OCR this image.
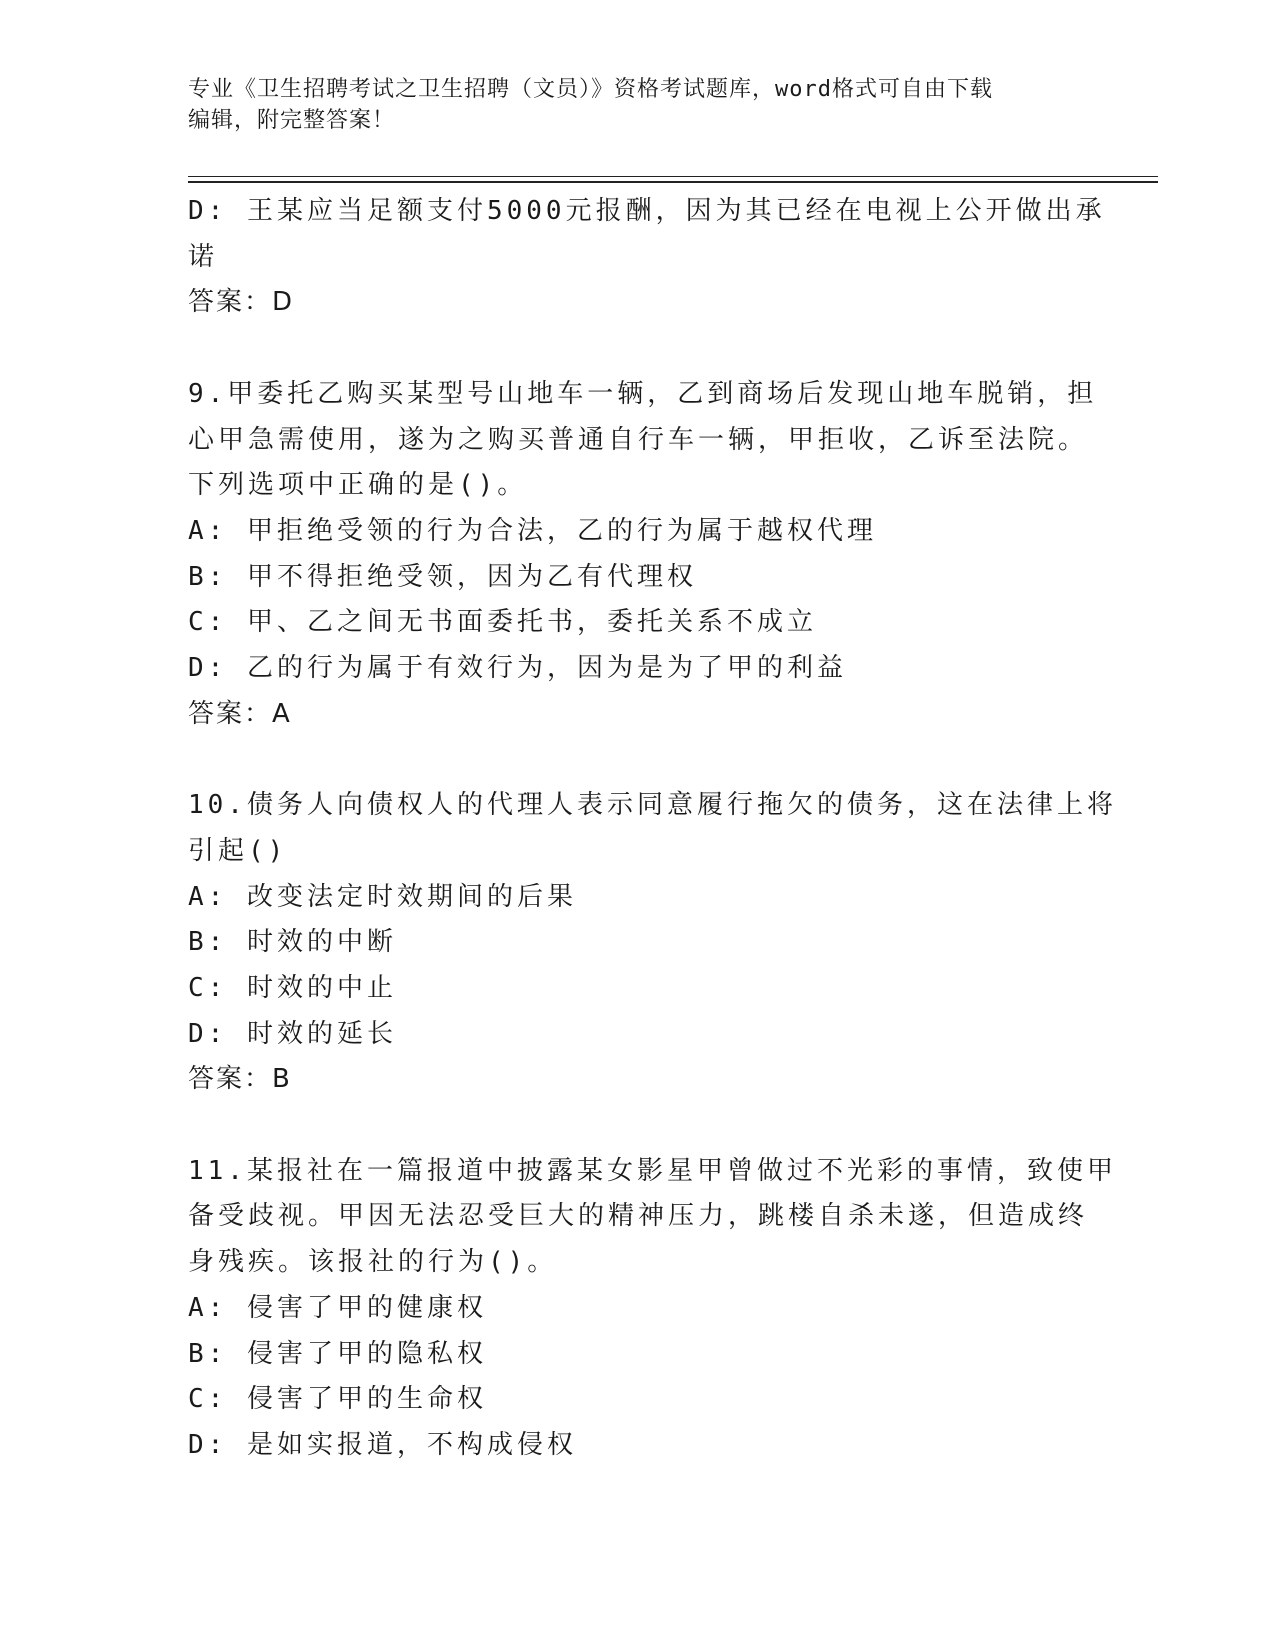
专业《卫生招聘考试之卫生招聘（文员）》资格考试题库，word格式可自由下载
编辑，附完整答案！
D: 王某应当足额支付5000元报酬，因为其已经在电视上公开做出承
诺
答案：D
9.甲委托乙购买某型号山地车一辆，乙到商场后发现山地车脱销，担
心甲急需使用，遂为之购买普通自行车一辆，甲拒收，乙诉至法院。
下列选项中正确的是()。
A: 甲拒绝受领的行为合法，乙的行为属于越权代理
B: 甲不得拒绝受领，因为乙有代理权
C: 甲、乙之间无书面委托书，委托关系不成立
D: 乙的行为属于有效行为，因为是为了甲的利益
答案：A
10.债务人向债权人的代理人表示同意履行拖欠的债务，这在法律上将
引起()
A: 改变法定时效期间的后果
B: 时效的中断
C: 时效的中止
D: 时效的延长
答案：B
11.某报社在一篇报道中披露某女影星甲曾做过不光彩的事情，致使甲
备受歧视。甲因无法忍受巨大的精神压力，跳楼自杀未遂，但造成终
身残疾。该报社的行为()。
A: 侵害了甲的健康权
B: 侵害了甲的隐私权
C: 侵害了甲的生命权
D: 是如实报道，不构成侵权
